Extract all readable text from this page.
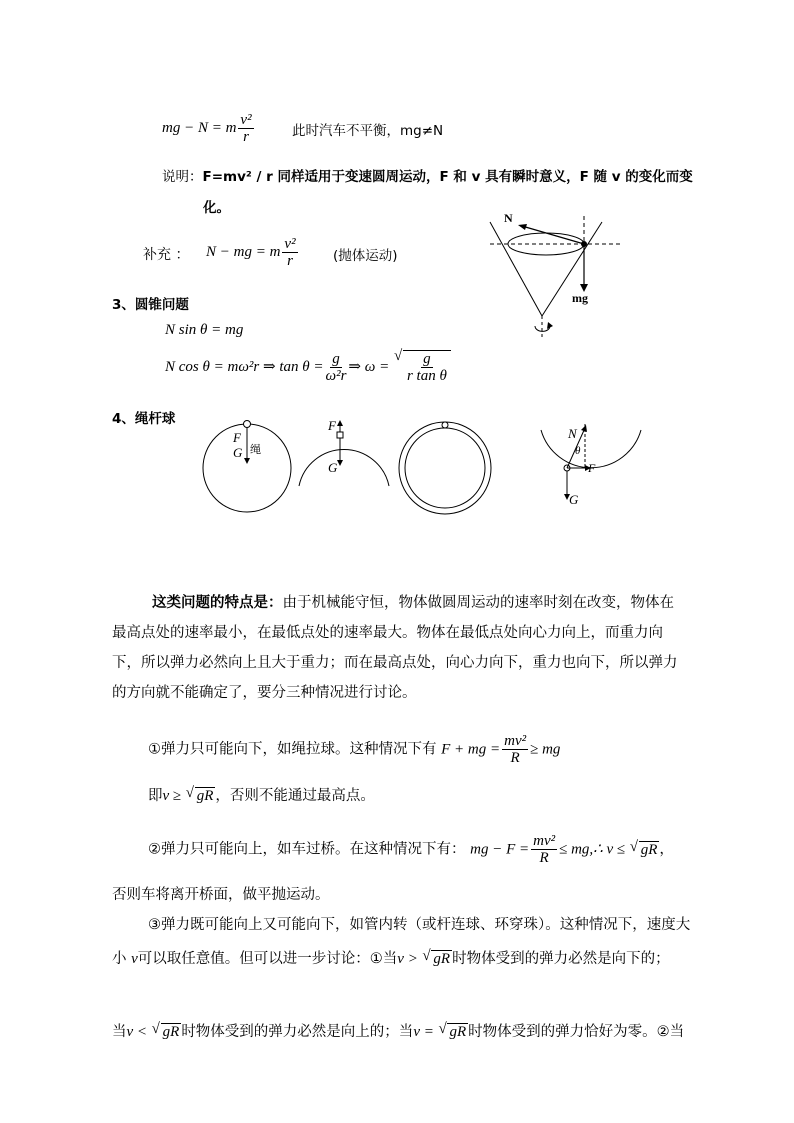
mg − N = m $\frac{\text{v²}}{r}$	此时汽车不平衡，mg≠N
说明：F=mv² / r 同样适用于变速圆周运动，F 和 v 具有瞬时意义，F 随 v 的变化而变
化。
补充 ： N − mg = m $\frac{\text{v²}}{r}$	(抛体运动)
N
mg
3、圆锥问题
N sin θ = mg
N cos θ = mω²r ⇒ $\tan \theta = \frac{g}{\text{ω²r}}$ ⇒ ω = √ $\frac{g}{\text{r tan θ}}$
4、绳杆球
F
G 绳
F
G
N
θ
F
G
这类问题的特点是：由于机械能守恒，物体做圆周运动的速率时刻在改变，物体在最高点处的速率最小，在最低点处的速率最大。物体在最低点处向心力向上，而重力向下，所以弹力必然向上且大于重力；而在最高点处，向心力向下，重力也向下，所以弹力的方向就不能确定了，要分三种情况进行讨论。
①弹力只可能向下，如绳拉球。这种情况下有 F + mg = $\frac{\text{mv²}}{R}$ ≥ mg
即v ≥ √ gR ，否则不能通过最高点。
②弹力只可能向上，如车过桥。在这种情况下有： mg − $F = \frac{\text{mv²}}{R}$ ≤ mg,∴ v ≤ √ gR ，
否则车将离开桥面，做平抛运动。
③弹力既可能向上又可能向下，如管内转（或杆连球、环穿珠）。这种情况下，速度大
小 v可以取任意值。但可以进一步讨论：①当v > √ gR 时物体受到的弹力必然是向下的；
当v < √ gR 时物体受到的弹力必然是向上的；当v = √ gR 时物体受到的弹力恰好为零。②当
